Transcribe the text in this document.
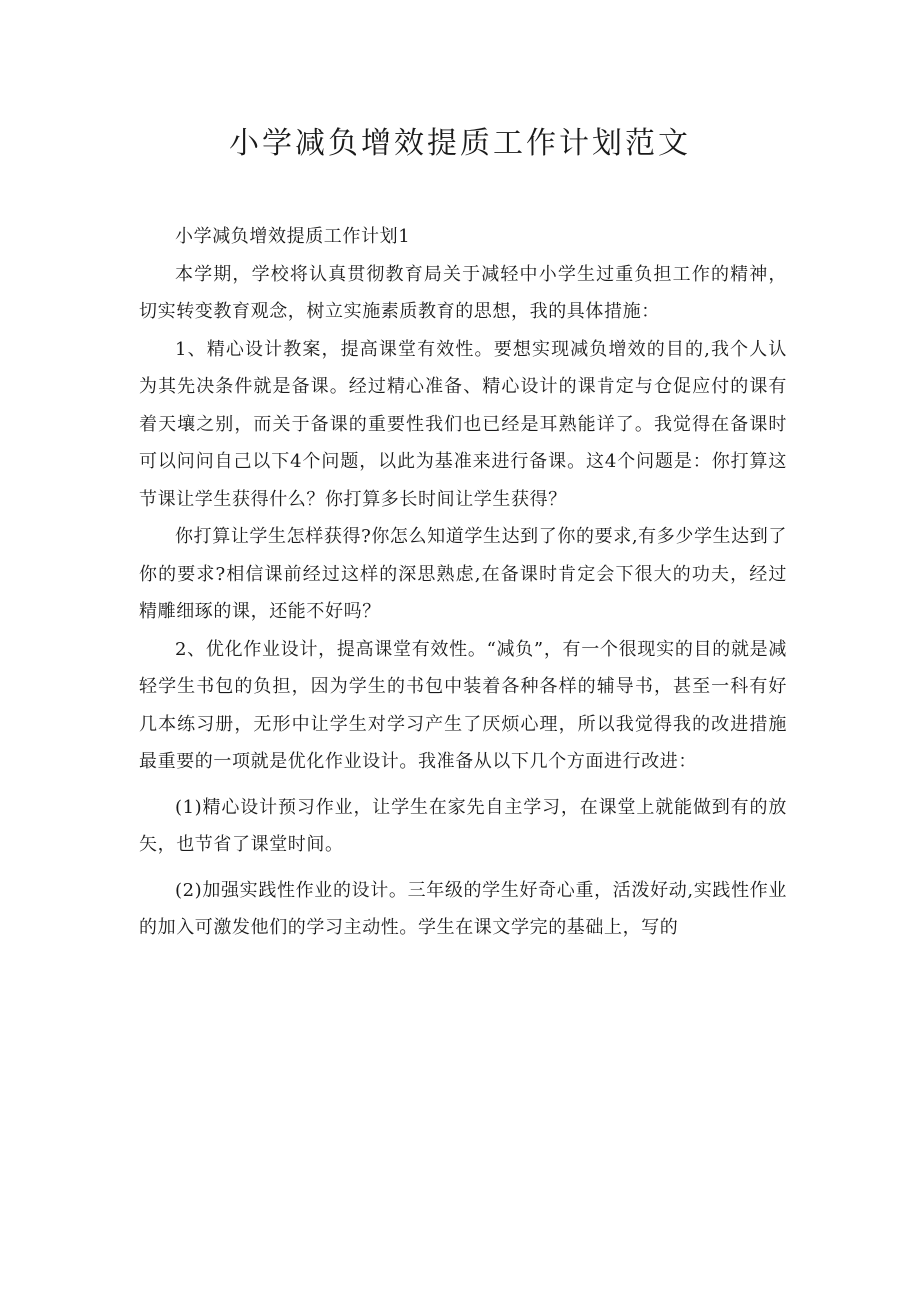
小学减负增效提质工作计划范文

小学减负增效提质工作计划1

本学期，学校将认真贯彻教育局关于减轻中小学生过重负担工作的精神，切实转变教育观念，树立实施素质教育的思想，我的具体措施：

1、精心设计教案，提高课堂有效性。要想实现减负增效的目的,我个人认为其先决条件就是备课。经过精心准备、精心设计的课肯定与仓促应付的课有着天壤之别，而关于备课的重要性我们也已经是耳熟能详了。我觉得在备课时可以问问自己以下4个问题，以此为基准来进行备课。这4个问题是：你打算这节课让学生获得什么？你打算多长时间让学生获得？

你打算让学生怎样获得?你怎么知道学生达到了你的要求,有多少学生达到了你的要求?相信课前经过这样的深思熟虑,在备课时肯定会下很大的功夫，经过精雕细琢的课，还能不好吗？

2、优化作业设计，提高课堂有效性。“减负”，有一个很现实的目的就是减轻学生书包的负担，因为学生的书包中装着各种各样的辅导书，甚至一科有好几本练习册，无形中让学生对学习产生了厌烦心理，所以我觉得我的改进措施最重要的一项就是优化作业设计。我准备从以下几个方面进行改进：

(1)精心设计预习作业，让学生在家先自主学习，在课堂上就能做到有的放矢，也节省了课堂时间。

(2)加强实践性作业的设计。三年级的学生好奇心重，活泼好动,实践性作业的加入可激发他们的学习主动性。学生在课文学完的基础上，写的
